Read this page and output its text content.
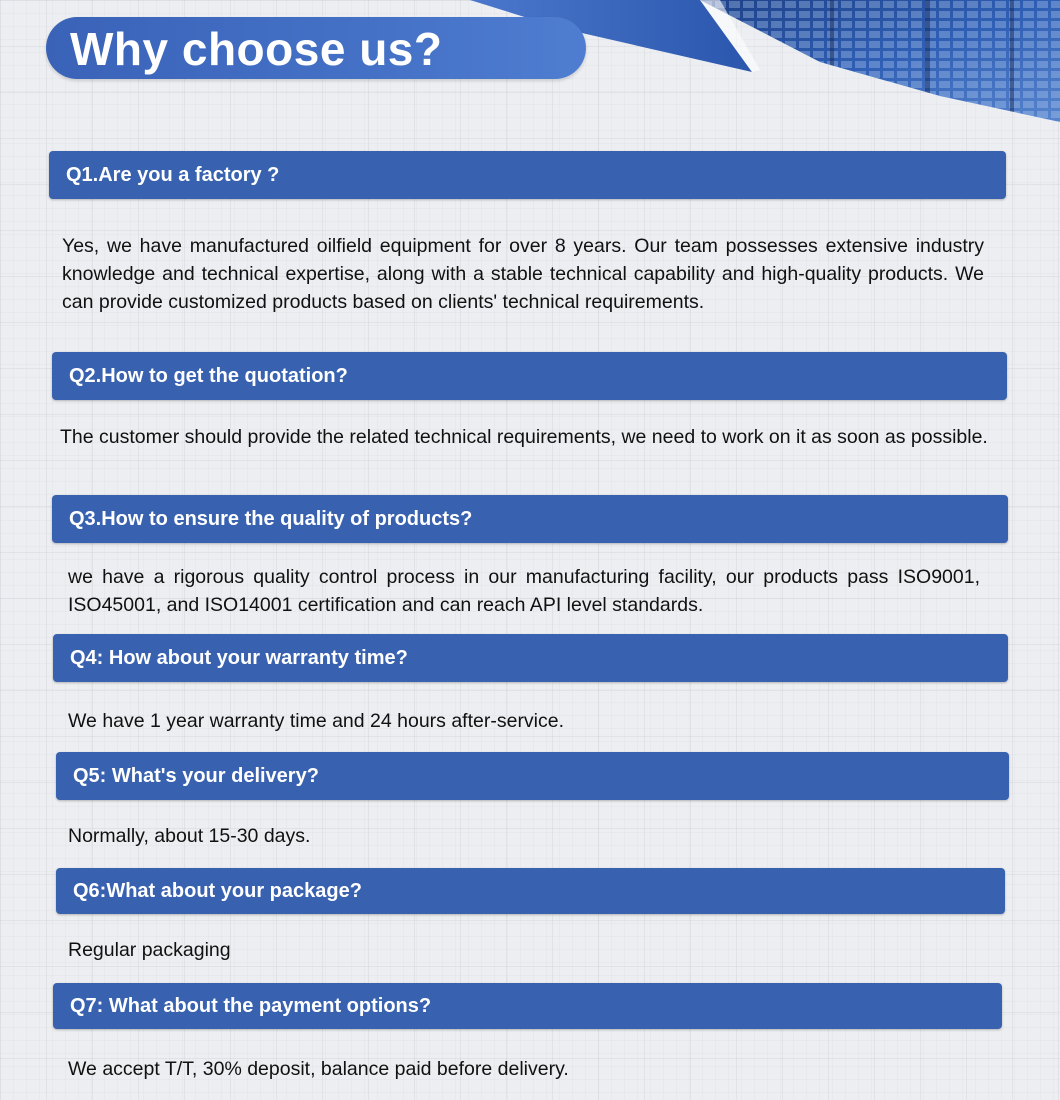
Why choose us?
Q1.Are you a factory ?
Yes, we have manufactured oilfield equipment for over 8 years. Our team possesses extensive industry knowledge and technical expertise, along with a stable technical capability and high-quality products. We can provide customized products based on clients' technical requirements.
Q2.How to get the quotation?
The customer should provide the related technical requirements, we need to work on it as soon as possible.
Q3.How to ensure the quality of products?
we have a rigorous quality control process in our manufacturing facility, our products pass ISO9001, ISO45001, and ISO14001 certification and can reach API level standards.
Q4: How about your warranty time?
We have 1 year warranty time and 24 hours after-service.
Q5: What's your delivery?
Normally, about 15-30 days.
Q6:What about your package?
Regular packaging
Q7: What about the payment options?
We accept T/T, 30% deposit, balance paid before delivery.
